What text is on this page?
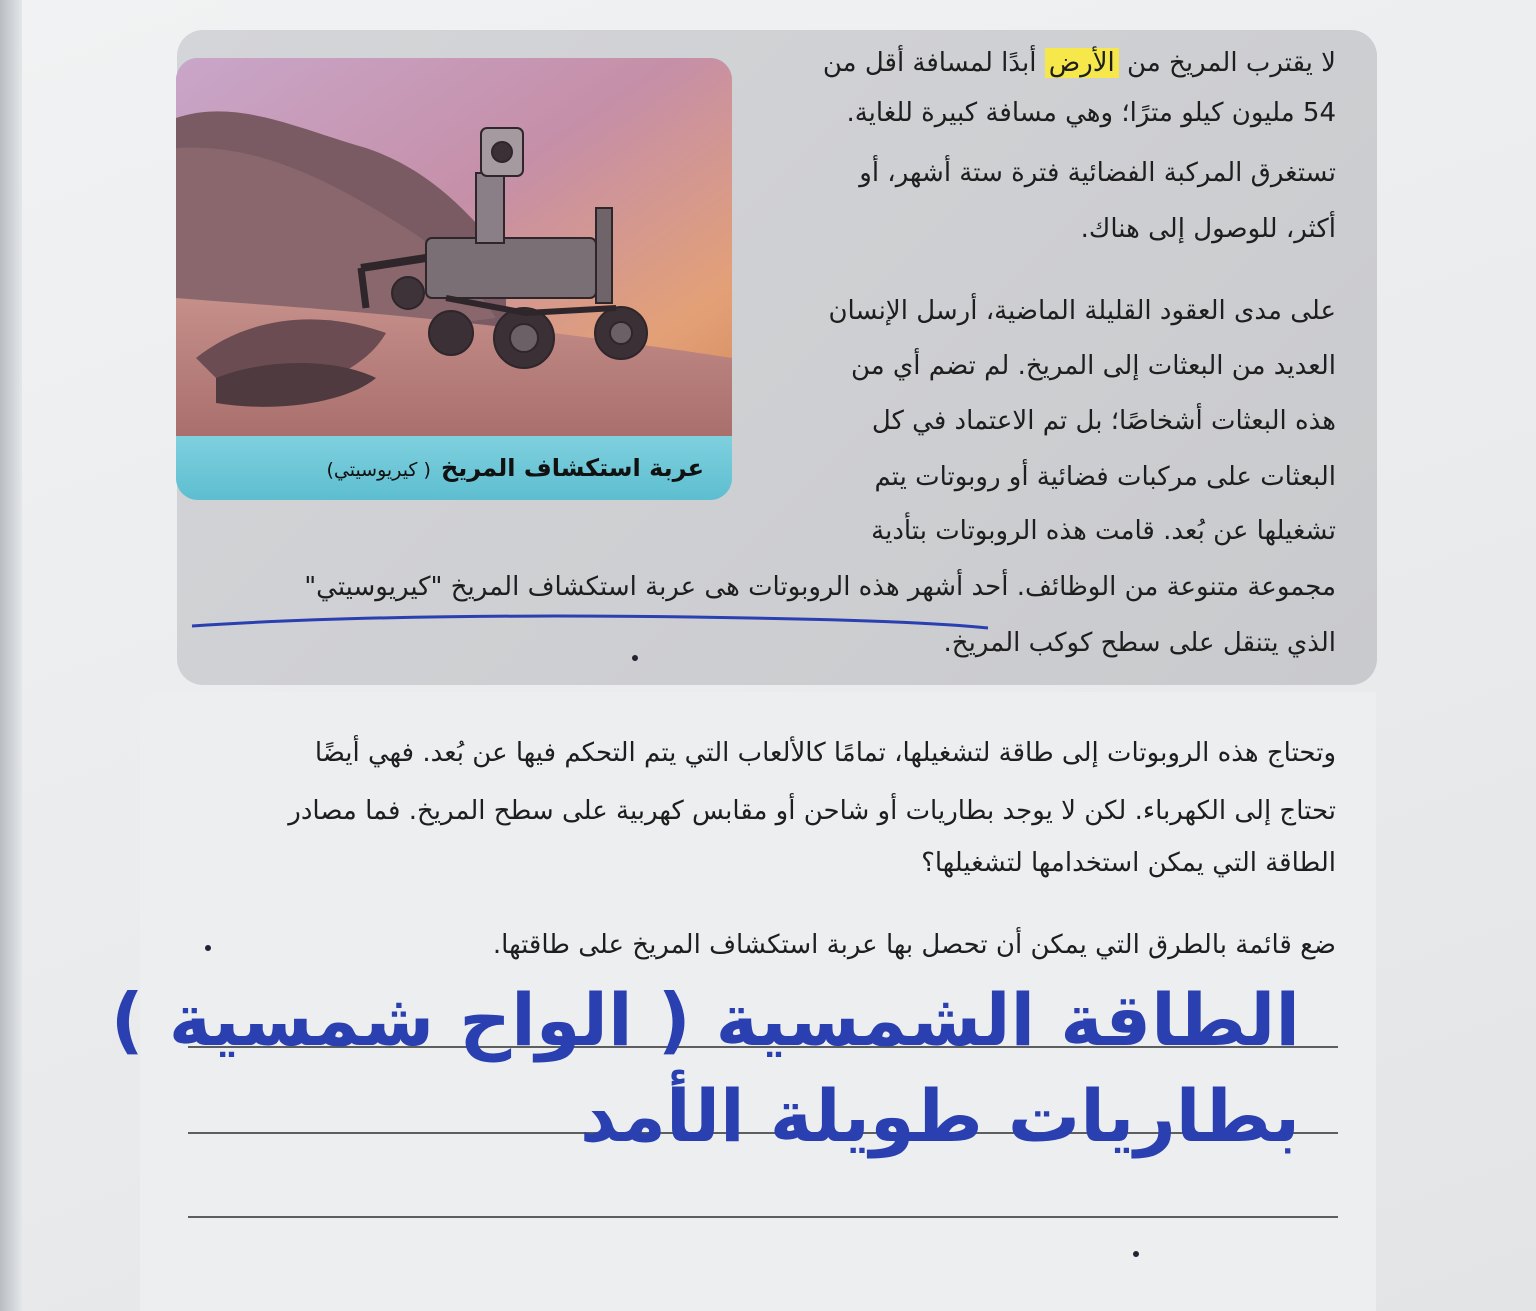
عربة استكشاف المريخ( كيريوسيتي)
لا يقترب المريخ من الأرض أبدًا لمسافة أقل من
54 مليون كيلو مترًا؛ وهي مسافة كبيرة للغاية.
تستغرق المركبة الفضائية فترة ستة أشهر، أو
أكثر، للوصول إلى هناك.
على مدى العقود القليلة الماضية، أرسل الإنسان
العديد من البعثات إلى المريخ. لم تضم أي من
هذه البعثات أشخاصًا؛ بل تم الاعتماد في كل
البعثات على مركبات فضائية أو روبوتات يتم
تشغيلها عن بُعد. قامت هذه الروبوتات بتأدية
مجموعة متنوعة من الوظائف. أحد أشهر هذه الروبوتات هى عربة استكشاف المريخ "كيريوسيتي"
الذي يتنقل على سطح كوكب المريخ.
وتحتاج هذه الروبوتات إلى طاقة لتشغيلها، تمامًا كالألعاب التي يتم التحكم فيها عن بُعد. فهي أيضًا
تحتاج إلى الكهرباء. لكن لا يوجد بطاريات أو شاحن أو مقابس كهربية على سطح المريخ. فما مصادر
الطاقة التي يمكن استخدامها لتشغيلها؟
ضع قائمة بالطرق التي يمكن أن تحصل بها عربة استكشاف المريخ على طاقتها.
الطاقة الشمسية ( الواح شمسية )
بطاريات طويلة الأمد
